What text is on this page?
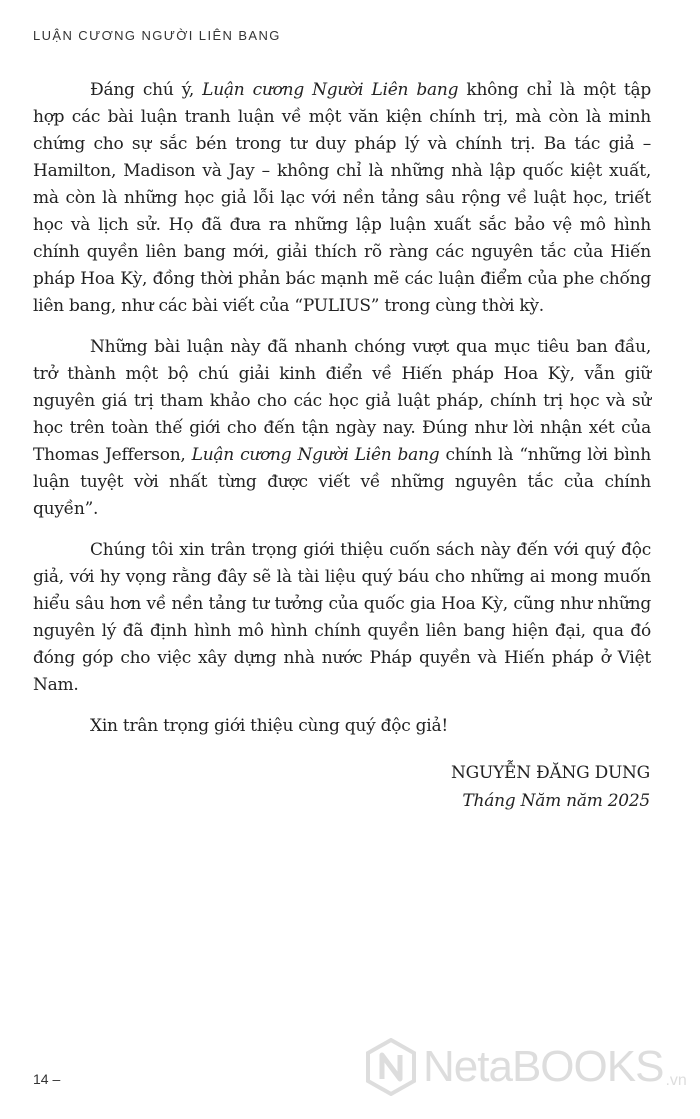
LUẬN CƯƠNG NGƯỜI LIÊN BANG

Đáng chú ý, Luận cương Người Liên bang không chỉ là một tập hợp các bài luận tranh luận về một văn kiện chính trị, mà còn là minh chứng cho sự sắc bén trong tư duy pháp lý và chính trị. Ba tác giả – Hamilton, Madison và Jay – không chỉ là những nhà lập quốc kiệt xuất, mà còn là những học giả lỗi lạc với nền tảng sâu rộng về luật học, triết học và lịch sử. Họ đã đưa ra những lập luận xuất sắc bảo vệ mô hình chính quyền liên bang mới, giải thích rõ ràng các nguyên tắc của Hiến pháp Hoa Kỳ, đồng thời phản bác mạnh mẽ các luận điểm của phe chống liên bang, như các bài viết của “PULIUS” trong cùng thời kỳ.

Những bài luận này đã nhanh chóng vượt qua mục tiêu ban đầu, trở thành một bộ chú giải kinh điển về Hiến pháp Hoa Kỳ, vẫn giữ nguyên giá trị tham khảo cho các học giả luật pháp, chính trị học và sử học trên toàn thế giới cho đến tận ngày nay. Đúng như lời nhận xét của Thomas Jefferson, Luận cương Người Liên bang chính là “những lời bình luận tuyệt vời nhất từng được viết về những nguyên tắc của chính quyền”.

Chúng tôi xin trân trọng giới thiệu cuốn sách này đến với quý độc giả, với hy vọng rằng đây sẽ là tài liệu quý báu cho những ai mong muốn hiểu sâu hơn về nền tảng tư tưởng của quốc gia Hoa Kỳ, cũng như những nguyên lý đã định hình mô hình chính quyền liên bang hiện đại, qua đó đóng góp cho việc xây dựng nhà nước Pháp quyền và Hiến pháp ở Việt Nam.

Xin trân trọng giới thiệu cùng quý độc giả!
NGUYỄN ĐĂNG DUNG
Tháng Năm năm 2025
14 –	NetaBOOKS .vn
